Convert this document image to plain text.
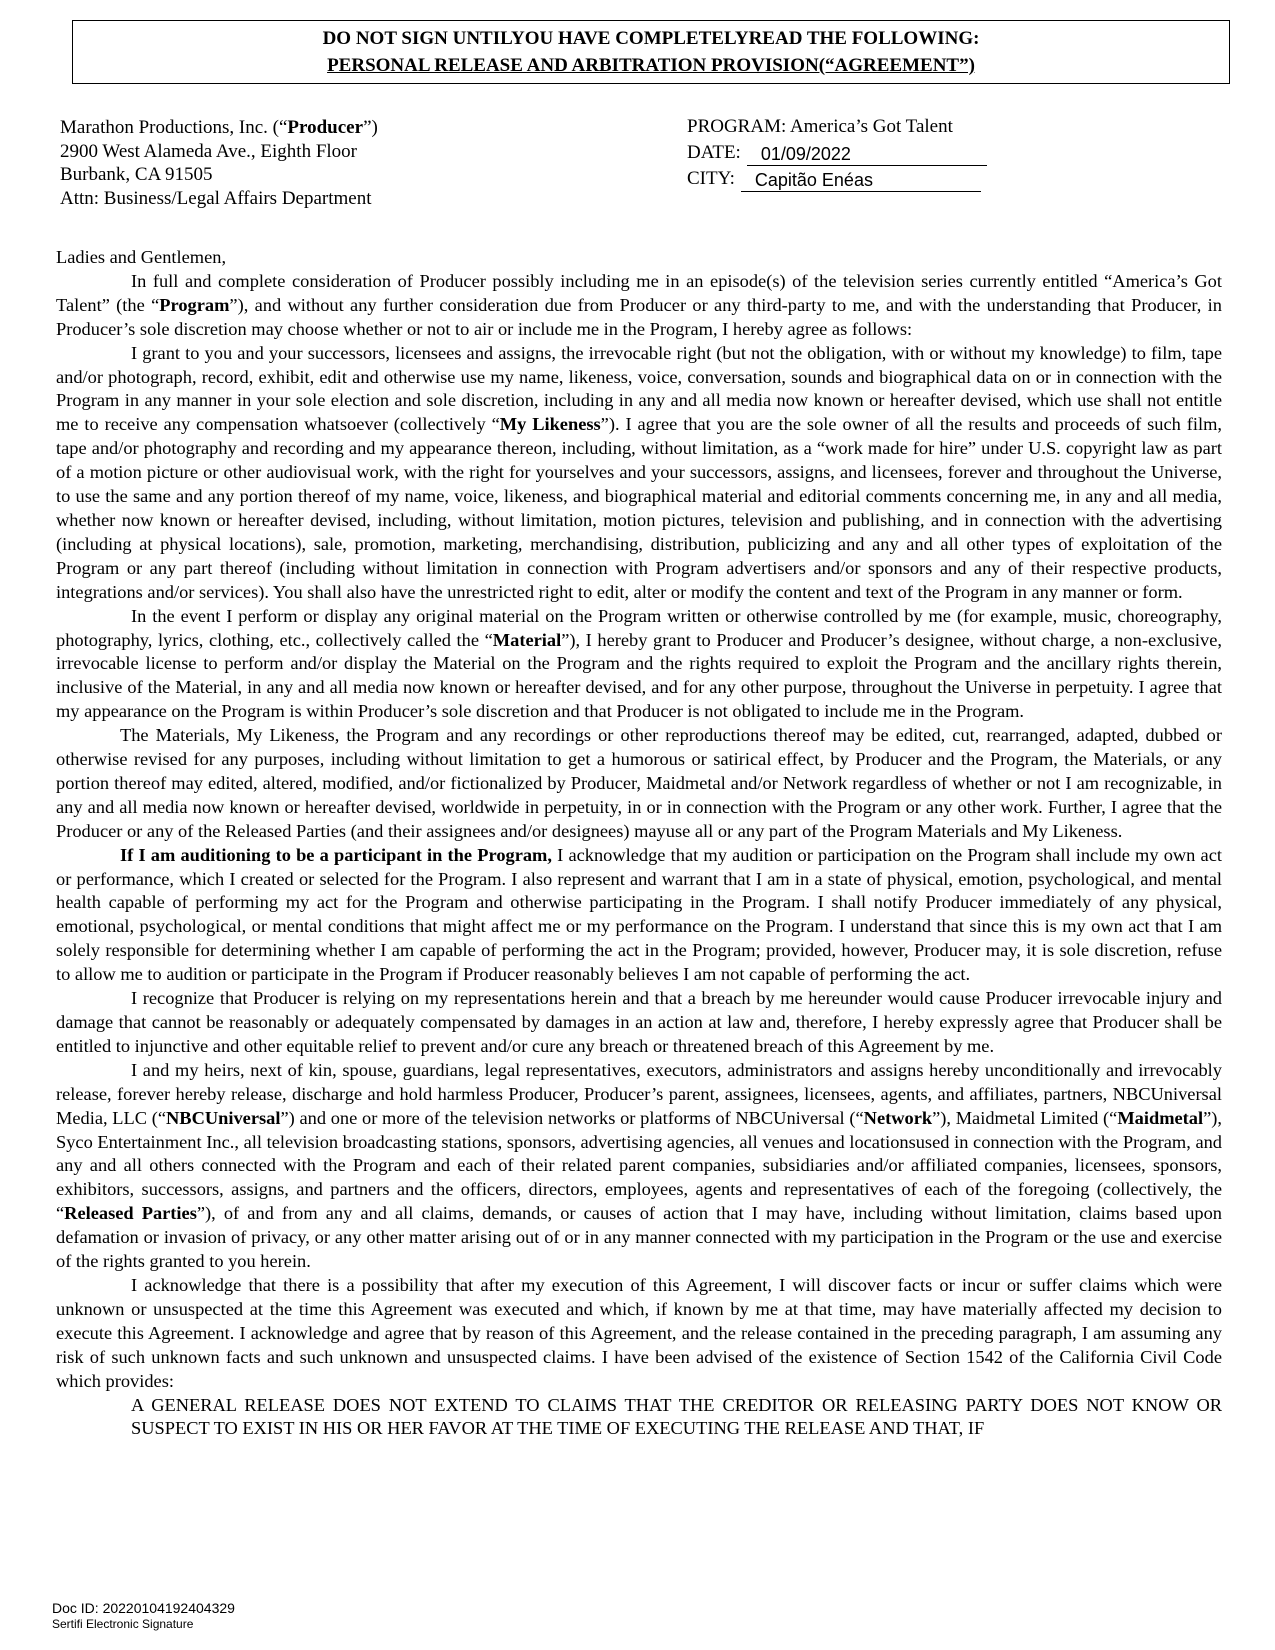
DO NOT SIGN UNTILYOU HAVE COMPLETELYREAD THE FOLLOWING:
PERSONAL RELEASE AND ARBITRATION PROVISION(“AGREEMENT”)
Marathon Productions, Inc. (“Producer”)
2900 West Alameda Ave., Eighth Floor
Burbank, CA 91505
Attn: Business/Legal Affairs Department
PROGRAM: America’s Got Talent
DATE:	01/09/2022
CITY:	Capitão Enéas

Ladies and Gentlemen,

In full and complete consideration of Producer possibly including me in an episode(s) of the television series currently entitled “America’s Got Talent” (the “Program”), and without any further consideration due from Producer or any third-party to me, and with the understanding that Producer, in Producer’s sole discretion may choose whether or not to air or include me in the Program, I hereby agree as follows:

I grant to you and your successors, licensees and assigns, the irrevocable right (but not the obligation, with or without my knowledge) to film, tape and/or photograph, record, exhibit, edit and otherwise use my name, likeness, voice, conversation, sounds and biographical data on or in connection with the Program in any manner in your sole election and sole discretion, including in any and all media now known or hereafter devised, which use shall not entitle me to receive any compensation whatsoever (collectively “My Likeness”). I agree that you are the sole owner of all the results and proceeds of such film, tape and/or photography and recording and my appearance thereon, including, without limitation, as a “work made for hire” under U.S. copyright law as part of a motion picture or other audiovisual work, with the right for yourselves and your successors, assigns, and licensees, forever and throughout the Universe, to use the same and any portion thereof of my name, voice, likeness, and biographical material and editorial comments concerning me, in any and all media, whether now known or hereafter devised, including, without limitation, motion pictures, television and publishing, and in connection with the advertising (including at physical locations), sale, promotion, marketing, merchandising, distribution, publicizing and any and all other types of exploitation of the Program or any part thereof (including without limitation in connection with Program advertisers and/or sponsors and any of their respective products, integrations and/or services). You shall also have the unrestricted right to edit, alter or modify the content and text of the Program in any manner or form.

In the event I perform or display any original material on the Program written or otherwise controlled by me (for example, music, choreography, photography, lyrics, clothing, etc., collectively called the “Material”), I hereby grant to Producer and Producer’s designee, without charge, a non-exclusive, irrevocable license to perform and/or display the Material on the Program and the rights required to exploit the Program and the ancillary rights therein, inclusive of the Material, in any and all media now known or hereafter devised, and for any other purpose, throughout the Universe in perpetuity. I agree that my appearance on the Program is within Producer’s sole discretion and that Producer is not obligated to include me in the Program.

The Materials, My Likeness, the Program and any recordings or other reproductions thereof may be edited, cut, rearranged, adapted, dubbed or otherwise revised for any purposes, including without limitation to get a humorous or satirical effect, by Producer and the Program, the Materials, or any portion thereof may edited, altered, modified, and/or fictionalized by Producer, Maidmetal and/or Network regardless of whether or not I am recognizable, in any and all media now known or hereafter devised, worldwide in perpetuity, in or in connection with the Program or any other work. Further, I agree that the Producer or any of the Released Parties (and their assignees and/or designees) mayuse all or any part of the Program Materials and My Likeness.

If I am auditioning to be a participant in the Program, I acknowledge that my audition or participation on the Program shall include my own act or performance, which I created or selected for the Program. I also represent and warrant that I am in a state of physical, emotion, psychological, and mental health capable of performing my act for the Program and otherwise participating in the Program. I shall notify Producer immediately of any physical, emotional, psychological, or mental conditions that might affect me or my performance on the Program. I understand that since this is my own act that I am solely responsible for determining whether I am capable of performing the act in the Program; provided, however, Producer may, it is sole discretion, refuse to allow me to audition or participate in the Program if Producer reasonably believes I am not capable of performing the act.

I recognize that Producer is relying on my representations herein and that a breach by me hereunder would cause Producer irrevocable injury and damage that cannot be reasonably or adequately compensated by damages in an action at law and, therefore, I hereby expressly agree that Producer shall be entitled to injunctive and other equitable relief to prevent and/or cure any breach or threatened breach of this Agreement by me.

I and my heirs, next of kin, spouse, guardians, legal representatives, executors, administrators and assigns hereby unconditionally and irrevocably release, forever hereby release, discharge and hold harmless Producer, Producer’s parent, assignees, licensees, agents, and affiliates, partners, NBCUniversal Media, LLC (“NBCUniversal”) and one or more of the television networks or platforms of NBCUniversal (“Network”), Maidmetal Limited (“Maidmetal”), Syco Entertainment Inc., all television broadcasting stations, sponsors, advertising agencies, all venues and locationsused in connection with the Program, and any and all others connected with the Program and each of their related parent companies, subsidiaries and/or affiliated companies, licensees, sponsors, exhibitors, successors, assigns, and partners and the officers, directors, employees, agents and representatives of each of the foregoing (collectively, the “Released Parties”), of and from any and all claims, demands, or causes of action that I may have, including without limitation, claims based upon defamation or invasion of privacy, or any other matter arising out of or in any manner connected with my participation in the Program or the use and exercise of the rights granted to you herein.

I acknowledge that there is a possibility that after my execution of this Agreement, I will discover facts or incur or suffer claims which were unknown or unsuspected at the time this Agreement was executed and which, if known by me at that time, may have materially affected my decision to execute this Agreement. I acknowledge and agree that by reason of this Agreement, and the release contained in the preceding paragraph, I am assuming any risk of such unknown facts and such unknown and unsuspected claims. I have been advised of the existence of Section 1542 of the California Civil Code which provides:

A GENERAL RELEASE DOES NOT EXTEND TO CLAIMS THAT THE CREDITOR OR RELEASING PARTY DOES NOT KNOW OR SUSPECT TO EXIST IN HIS OR HER FAVOR AT THE TIME OF EXECUTING THE RELEASE AND THAT, IF

Doc ID: 20220104192404329
Sertifi Electronic Signature
